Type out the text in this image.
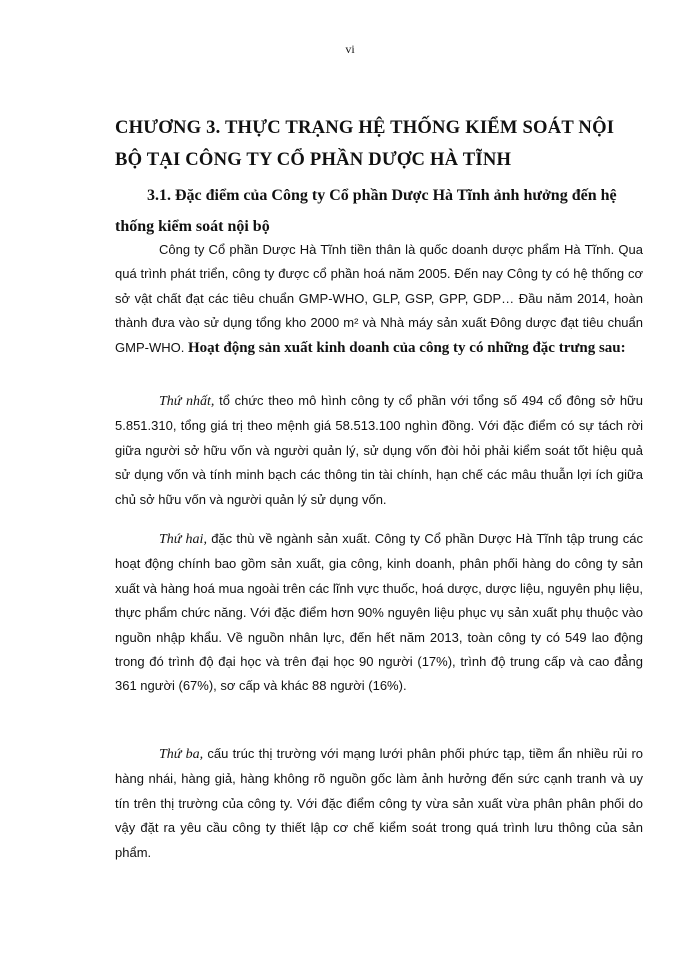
vi
CHƯƠNG 3. THỰC TRẠNG HỆ THỐNG KIỂM SOÁT NỘI BỘ TẠI CÔNG TY CỔ PHẦN DƯỢC HÀ TĨNH
3.1. Đặc điểm của Công ty Cổ phần Dược Hà Tĩnh ảnh hưởng đến hệ thống kiểm soát nội bộ
Công ty Cổ phần Dược Hà Tĩnh tiền thân là quốc doanh dược phẩm Hà Tĩnh. Qua quá trình phát triển, công ty được cổ phần hoá năm 2005. Đến nay Công ty có hệ thống cơ sở vật chất đạt các tiêu chuẩn GMP-WHO, GLP, GSP, GPP, GDP… Đầu năm 2014, hoàn thành đưa vào sử dụng tổng kho 2000 m² và Nhà máy sản xuất Đông dược đạt tiêu chuẩn GMP-WHO. Hoạt động sản xuất kinh doanh của công ty có những đặc trưng sau:
Thứ nhất, tổ chức theo mô hình công ty cổ phần với tổng số 494 cổ đông sở hữu 5.851.310, tổng giá trị theo mệnh giá 58.513.100 nghìn đồng. Với đặc điểm có sự tách rời giữa người sở hữu vốn và người quản lý, sử dụng vốn đòi hỏi phải kiểm soát tốt hiệu quả sử dụng vốn và tính minh bạch các thông tin tài chính, hạn chế các mâu thuẫn lợi ích giữa chủ sở hữu vốn và người quản lý sử dụng vốn.
Thứ hai, đặc thù về ngành sản xuất. Công ty Cổ phần Dược Hà Tĩnh tập trung các hoạt động chính bao gồm sản xuất, gia công, kinh doanh, phân phối hàng do công ty sản xuất và hàng hoá mua ngoài trên các lĩnh vực thuốc, hoá dược, dược liệu, nguyên phụ liệu, thực phẩm chức năng. Với đặc điểm hơn 90% nguyên liệu phục vụ sản xuất phụ thuộc vào nguồn nhập khẩu. Về nguồn nhân lực, đến hết năm 2013, toàn công ty có 549 lao động trong đó trình độ đại học và trên đại học 90 người (17%), trình độ trung cấp và cao đẳng 361 người (67%), sơ cấp và khác 88 người (16%).
Thứ ba, cấu trúc thị trường với mạng lưới phân phối phức tạp, tiềm ẩn nhiều rủi ro hàng nhái, hàng giả, hàng không rõ nguồn gốc làm ảnh hưởng đến sức cạnh tranh và uy tín trên thị trường của công ty. Với đặc điểm công ty vừa sản xuất vừa phân phân phối do vậy đặt ra yêu cầu công ty thiết lập cơ chế kiểm soát trong quá trình lưu thông của sản phẩm.
